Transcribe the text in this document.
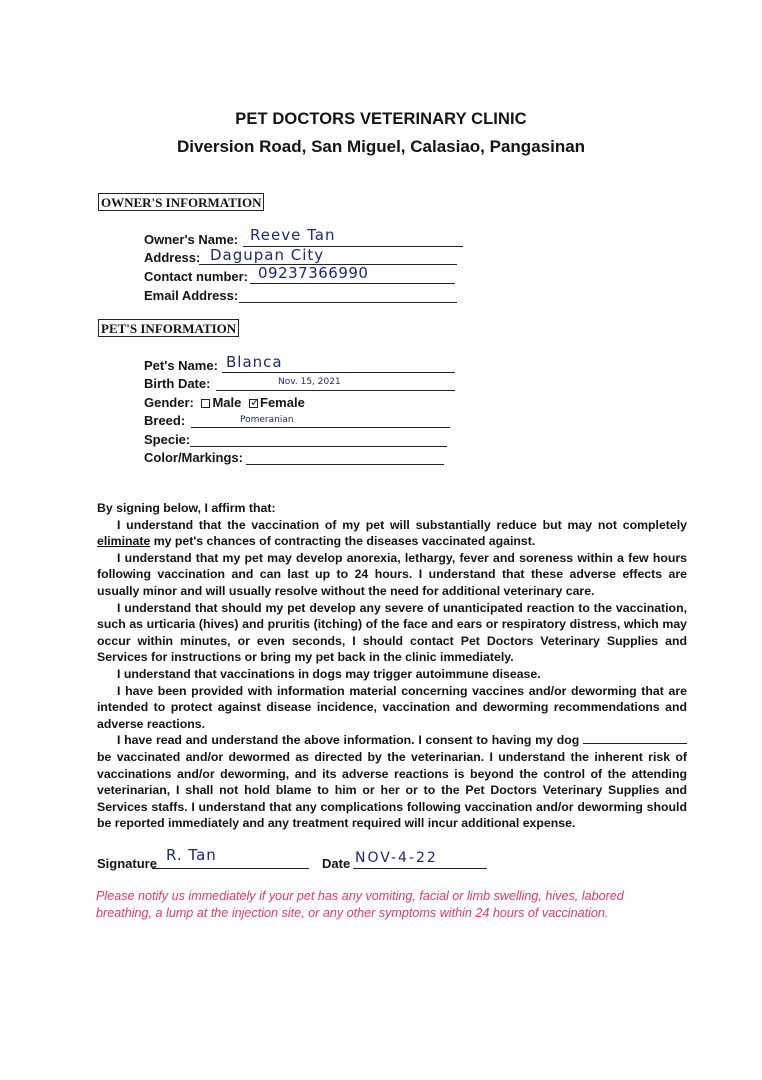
PET DOCTORS VETERINARY CLINIC
Diversion Road, San Miguel, Calasiao, Pangasinan
OWNER'S INFORMATION
Owner's Name: Reeve Tan
Address: Dagupan City
Contact number: 09237366990
Email Address:
PET'S INFORMATION
Pet's Name: Blanca
Birth Date:	Nov. 15, 2021
Gender: Male ✓ Female
Breed:	Pomeranian
Specie:
Color/Markings:

By signing below, I affirm that:

I understand that the vaccination of my pet will substantially reduce but may not completely eliminate my pet's chances of contracting the diseases vaccinated against.

I understand that my pet may develop anorexia, lethargy, fever and soreness within a few hours following vaccination and can last up to 24 hours. I understand that these adverse effects are usually minor and will usually resolve without the need for additional veterinary care.

I understand that should my pet develop any severe of unanticipated reaction to the vaccination, such as urticaria (hives) and pruritis (itching) of the face and ears or respiratory distress, which may occur within minutes, or even seconds, I should contact Pet Doctors Veterinary Supplies and Services for instructions or bring my pet back in the clinic immediately.

I understand that vaccinations in dogs may trigger autoimmune disease.

I have been provided with information material concerning vaccines and/or deworming that are intended to protect against disease incidence, vaccination and deworming recommendations and adverse reactions.

I have read and understand the above information. I consent to having my dog  be vaccinated and/or dewormed as directed by the veterinarian. I understand the inherent risk of vaccinations and/or deworming, and its adverse reactions is beyond the control of the attending veterinarian, I shall not hold blame to him or her or to the Pet Doctors Veterinary Supplies and Services staffs. I understand that any complications following vaccination and/or deworming should be reported immediately and any treatment required will incur additional expense.

Signature R. Tan	Date NOV-4-22
Please notify us immediately if your pet has any vomiting, facial or limb swelling, hives, labored breathing, a lump at the injection site, or any other symptoms within 24 hours of vaccination.
